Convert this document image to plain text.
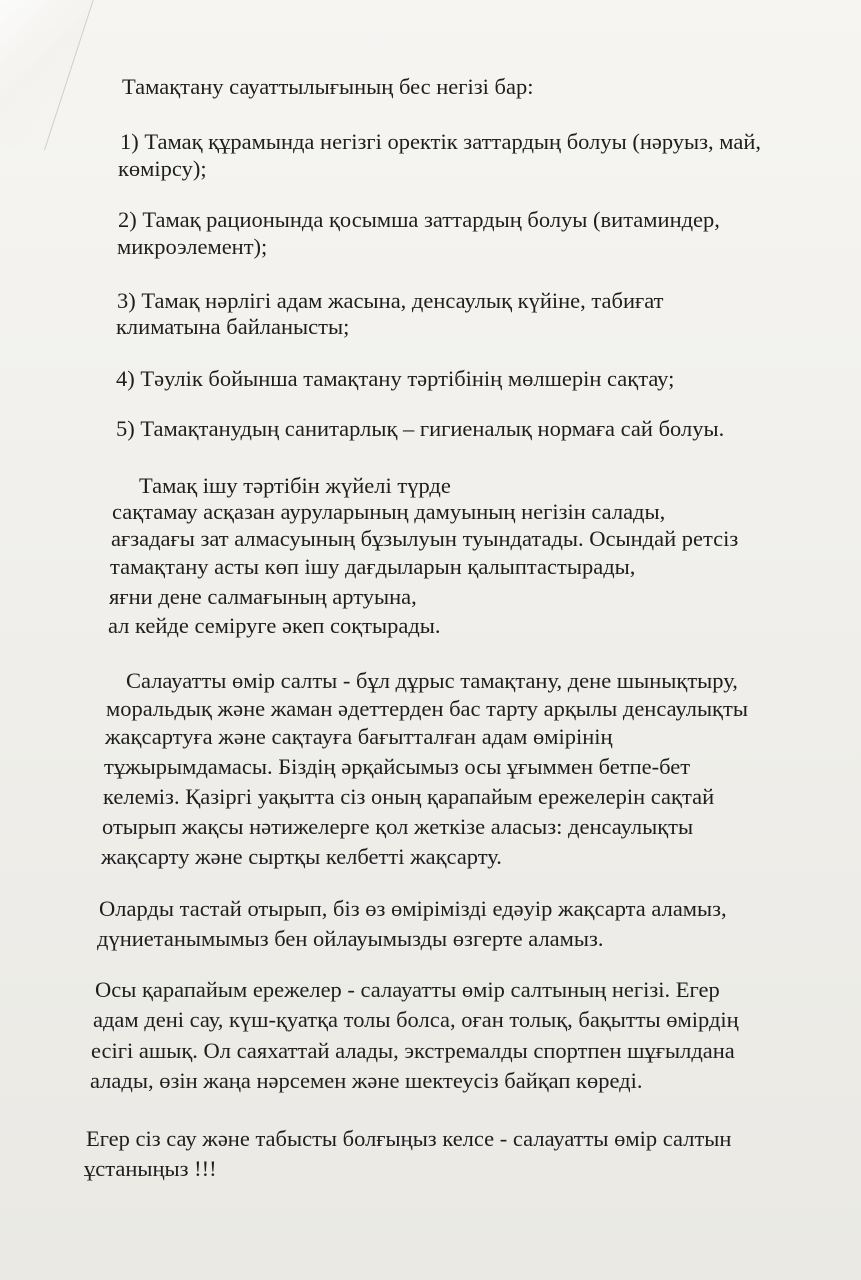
Тамақтану сауаттылығының бес негізі бар:
1) Тамақ құрамында негізгі оректік заттардың болуы (нәруыз, май,
көмірсу);
2) Тамақ рационында қосымша заттардың болуы (витаминдер,
микроэлемент);
3) Тамақ нәрлігі адам жасына, денсаулық күйіне, табиғат
климатына байланысты;
4) Тәулік бойынша тамақтану тәртібінің мөлшерін сақтау;
5) Тамақтанудың санитарлық – гигиеналық нормаға сай болуы.
Тамақ ішу тәртібін жүйелі түрде
сақтамау асқазан ауруларының дамуының негізін салады,
ағзадағы зат алмасуының бұзылуын туындатады. Осындай ретсіз
тамақтану асты көп ішу дағдыларын қалыптастырады,
яғни дене салмағының артуына,
ал кейде семіруге әкеп соқтырады.
Салауатты өмір салты - бұл дұрыс тамақтану, дене шынықтыру,
моральдық және жаман әдеттерден бас тарту арқылы денсаулықты
жақсартуға және сақтауға бағытталған адам өмірінің
тұжырымдамасы. Біздің әрқайсымыз осы ұғыммен бетпе-бет
келеміз. Қазіргі уақытта сіз оның қарапайым ережелерін сақтай
отырып жақсы нәтижелерге қол жеткізе аласыз: денсаулықты
жақсарту және сыртқы келбетті жақсарту.
Оларды тастай отырып, біз өз өмірімізді едәуір жақсарта аламыз,
дүниетанымымыз бен ойлауымызды өзгерте аламыз.
Осы қарапайым ережелер - салауатты өмір салтының негізі. Егер
адам дені сау, күш-қуатқа толы болса, оған толық, бақытты өмірдің
есігі ашық. Ол саяхаттай алады, экстремалды спортпен шұғылдана
алады, өзін жаңа нәрсемен және шектеусіз байқап көреді.
Егер сіз сау және табысты болғыңыз келсе - салауатты өмір салтын
ұстаныңыз !!!
